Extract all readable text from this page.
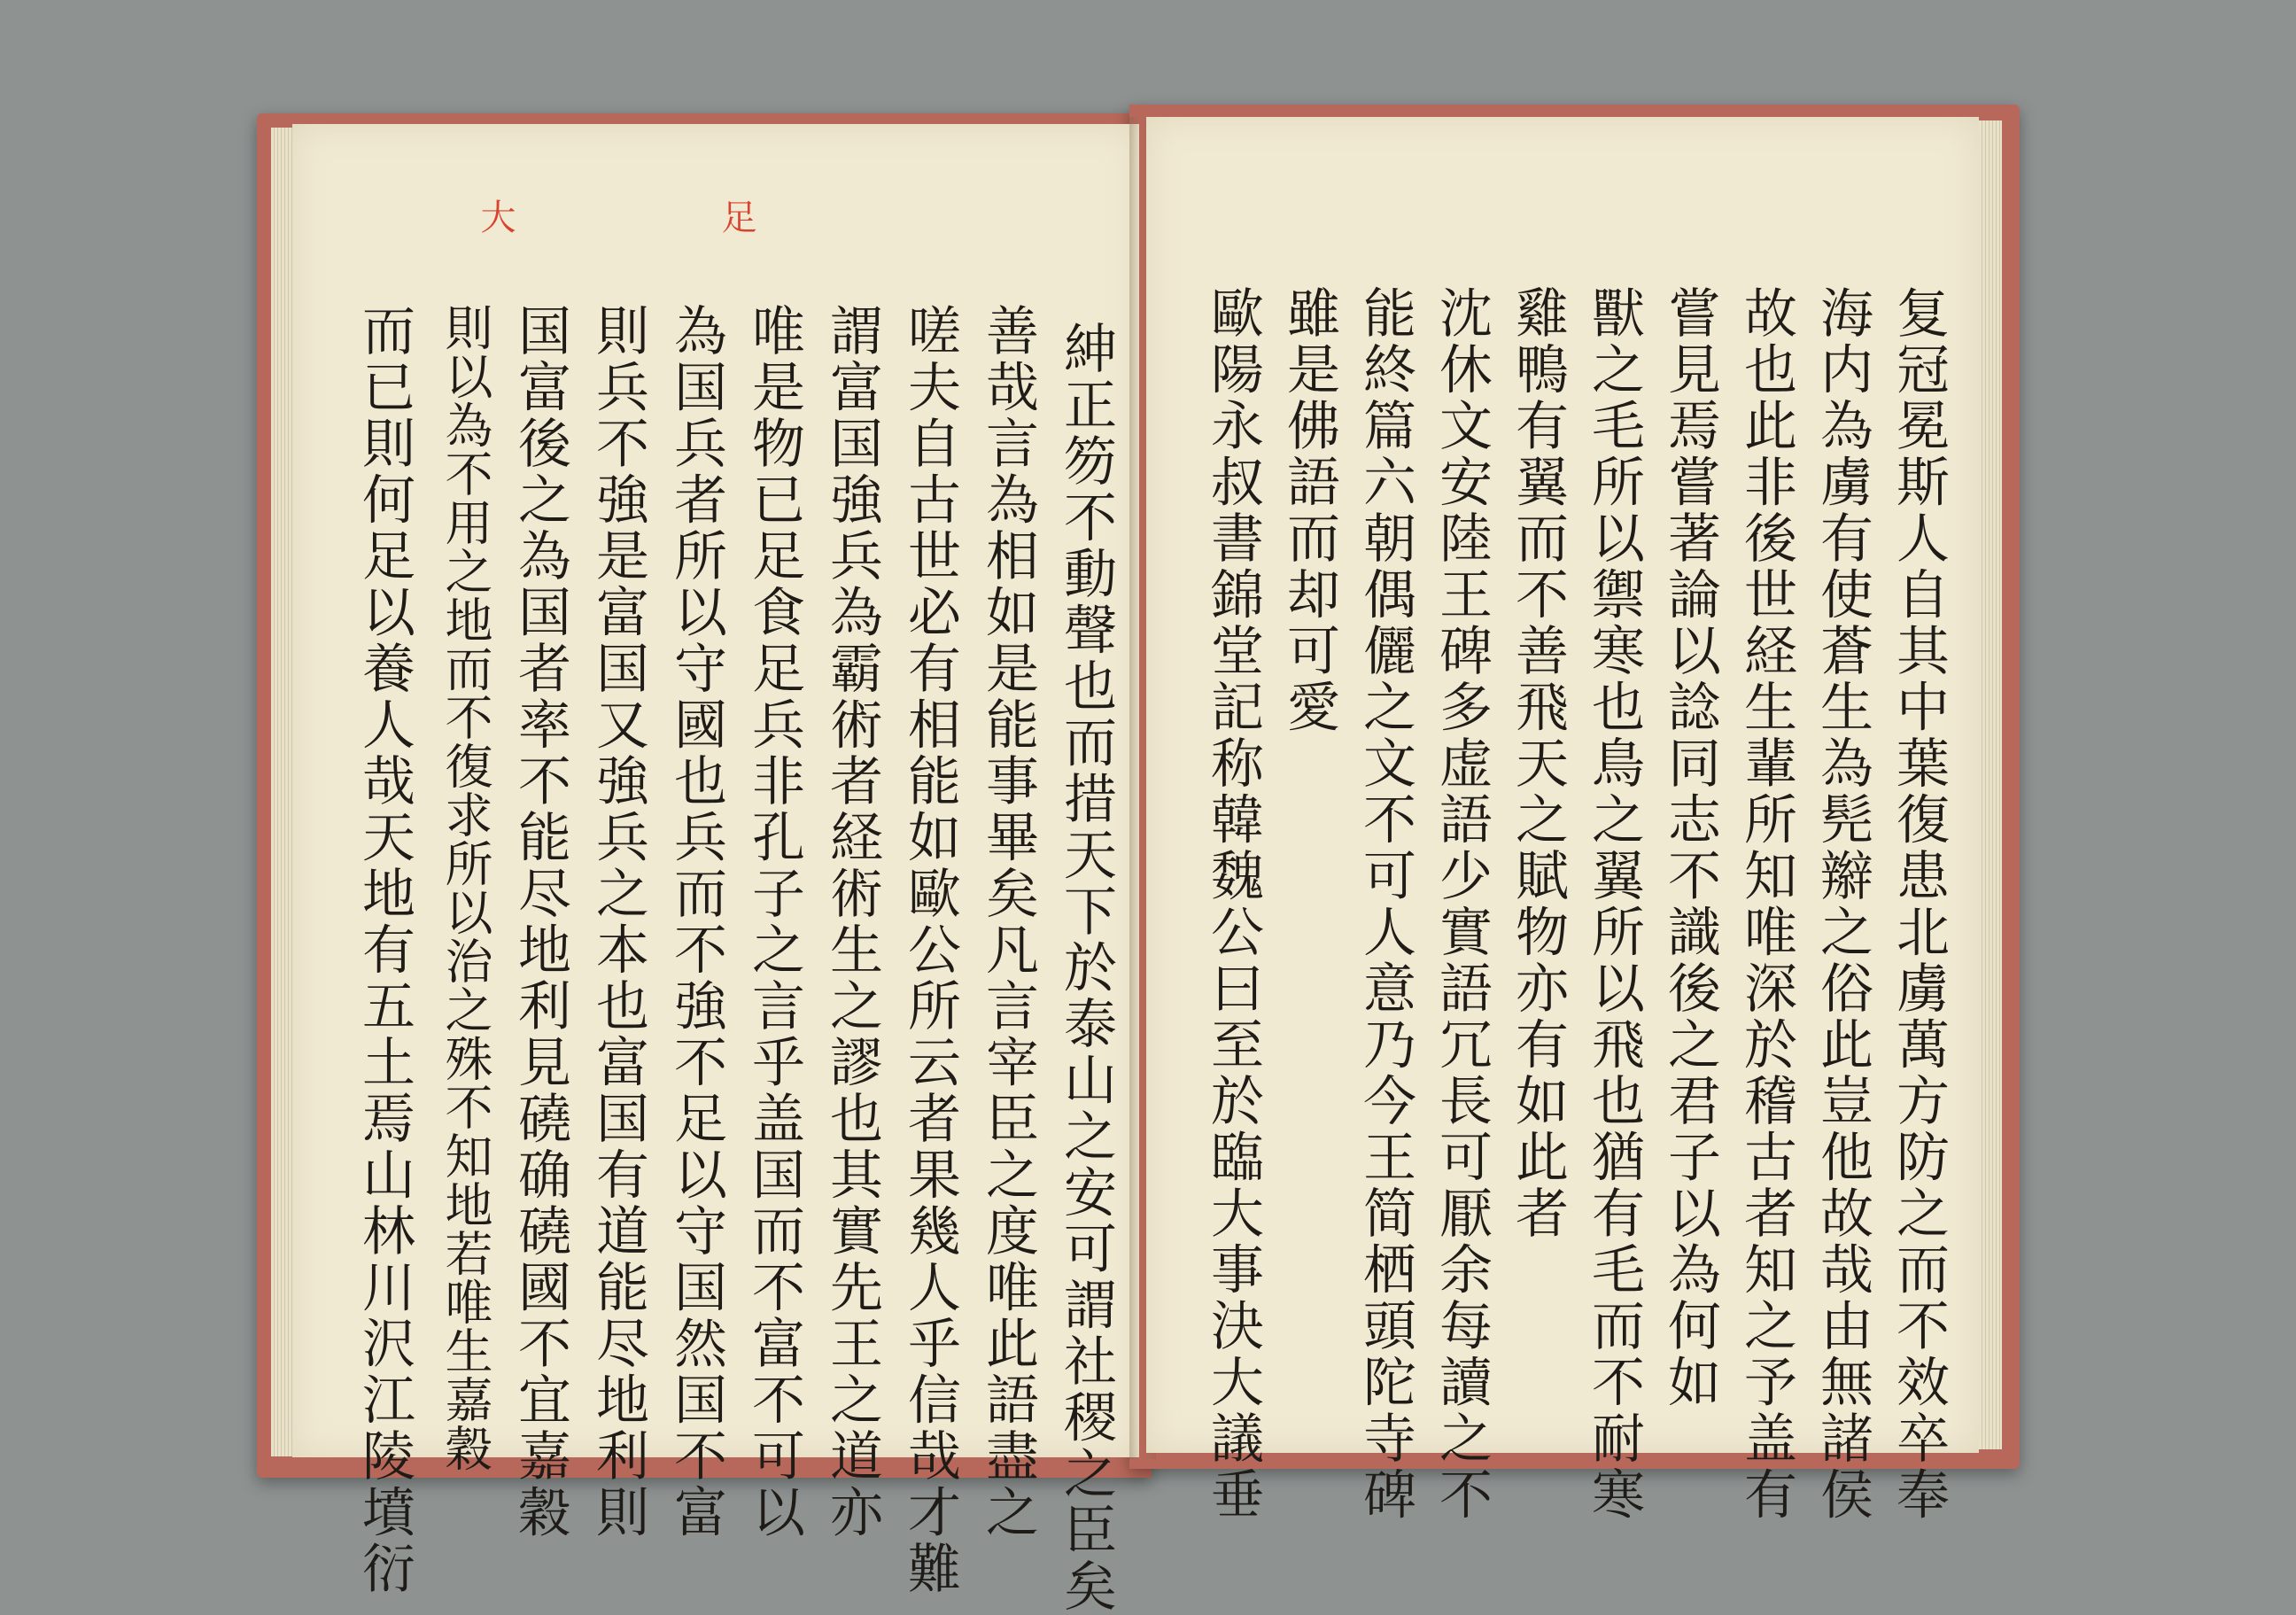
大	足
紳正笏不動聲也而措天下於泰山之安可謂社稷之臣矣
善哉言為相如是能事畢矣凡言宰臣之度唯此語盡之
嗟夫自古世必有相能如歐公所云者果幾人乎信哉才難
謂富国強兵為霸術者経術生之謬也其實先王之道亦
唯是物已足食足兵非孔子之言乎盖国而不富不可以
為国兵者所以守國也兵而不強不足以守国然国不富
則兵不強是富国又強兵之本也富国有道能尽地利則
国富後之為国者率不能尽地利見磽确磽國不宜嘉穀
則以為不用之地而不復求所以治之殊不知地若唯生嘉穀
而已則何足以養人哉天地有五土焉山林川沢江陵墳衍	复冠冕斯人自其中葉復患北虜萬方防之而不效卒奉
海内為虜有使蒼生為髡辮之俗此豈他故哉由無諸侯
故也此非後世経生輩所知唯深於稽古者知之予盖有
嘗見焉嘗著論以諗同志不識後之君子以為何如
獸之毛所以禦寒也鳥之翼所以飛也猶有毛而不耐寒
雞鴨有翼而不善飛天之賦物亦有如此者
沈休文安陸王碑多虚語少實語冗長可厭余每讀之不
能終篇六朝偶儷之文不可人意乃今王简栖頭陀寺碑
雖是佛語而却可愛
歐陽永叔書錦堂記称韓魏公曰至於臨大事決大議垂
